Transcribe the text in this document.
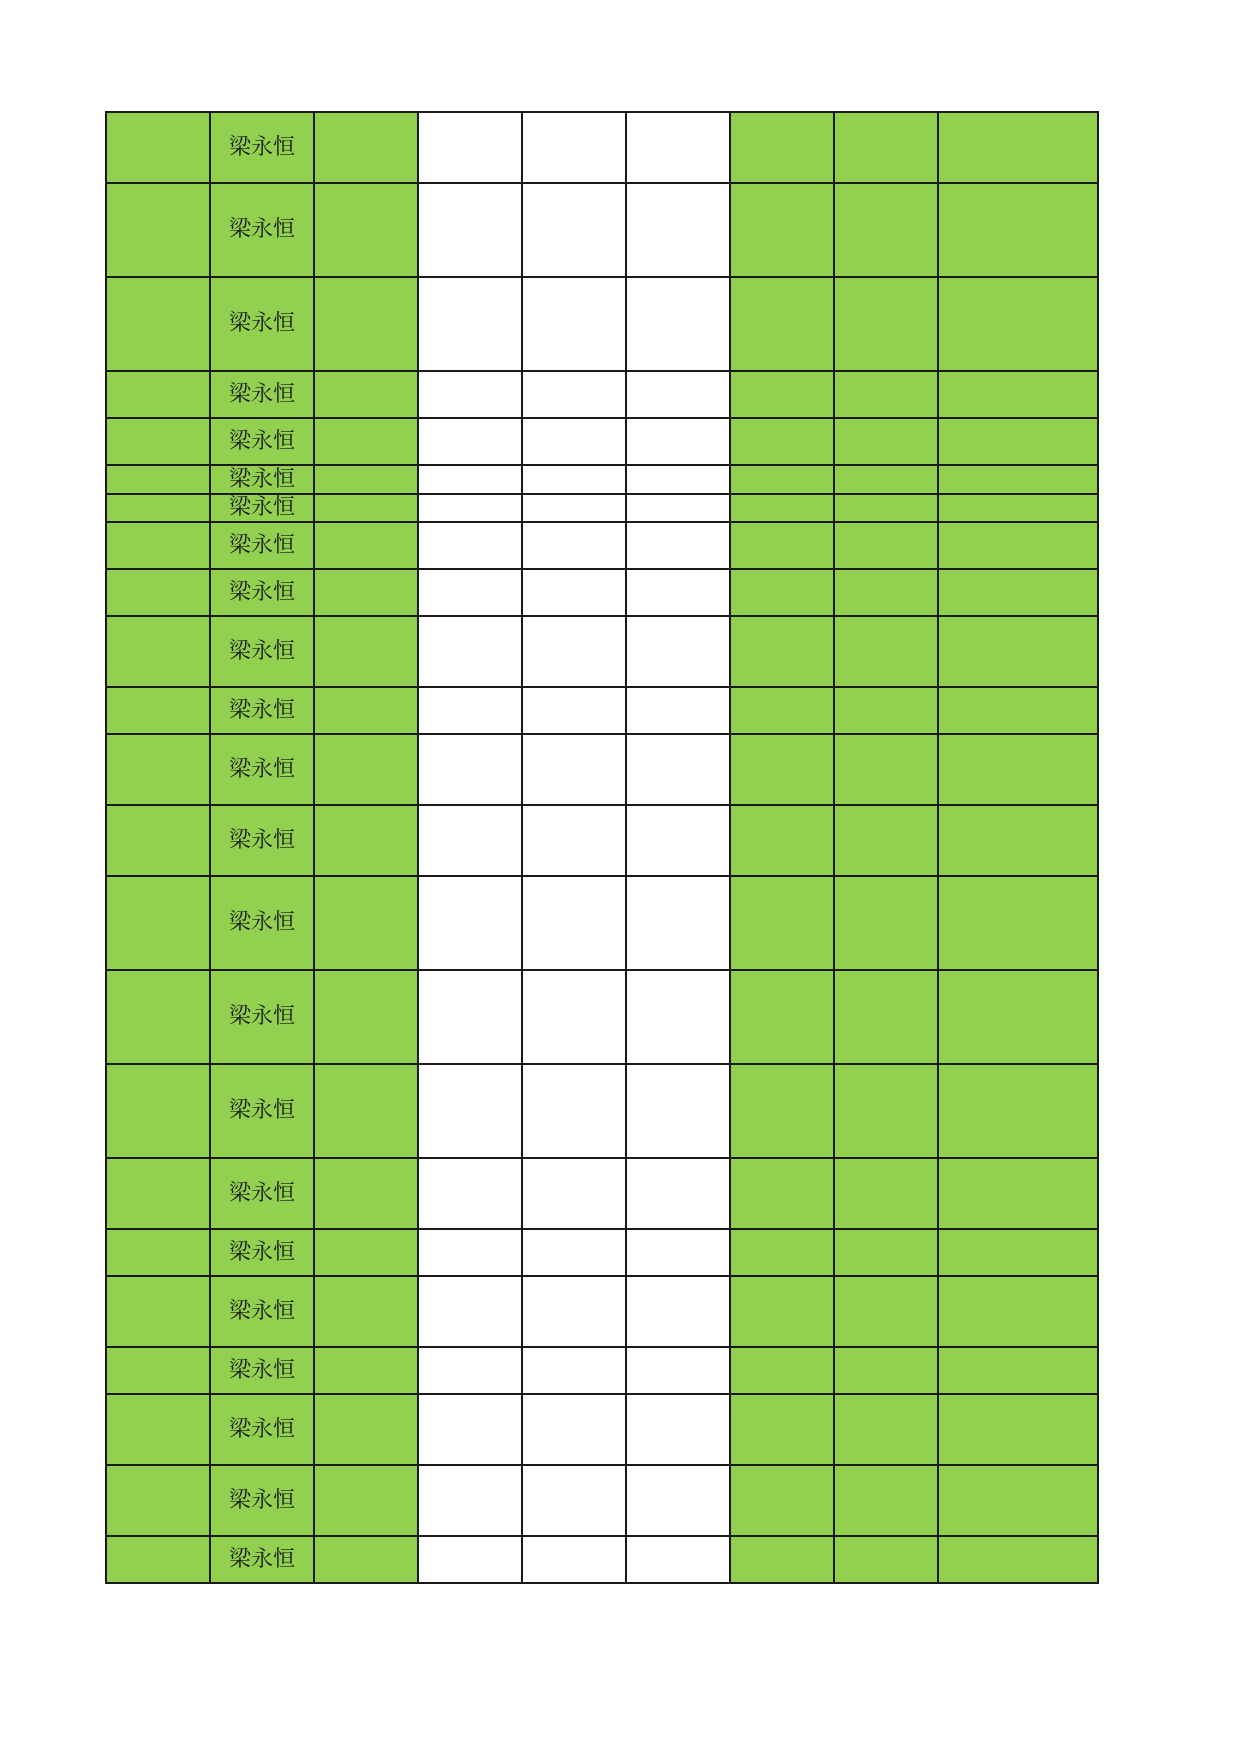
	梁永恒							
	梁永恒							
	梁永恒							
	梁永恒							
	梁永恒							
	梁永恒							
	梁永恒							
	梁永恒							
	梁永恒							
	梁永恒							
	梁永恒							
	梁永恒							
	梁永恒							
	梁永恒							
	梁永恒							
	梁永恒							
	梁永恒							
	梁永恒							
	梁永恒							
	梁永恒							
	梁永恒							
	梁永恒							
	梁永恒							
